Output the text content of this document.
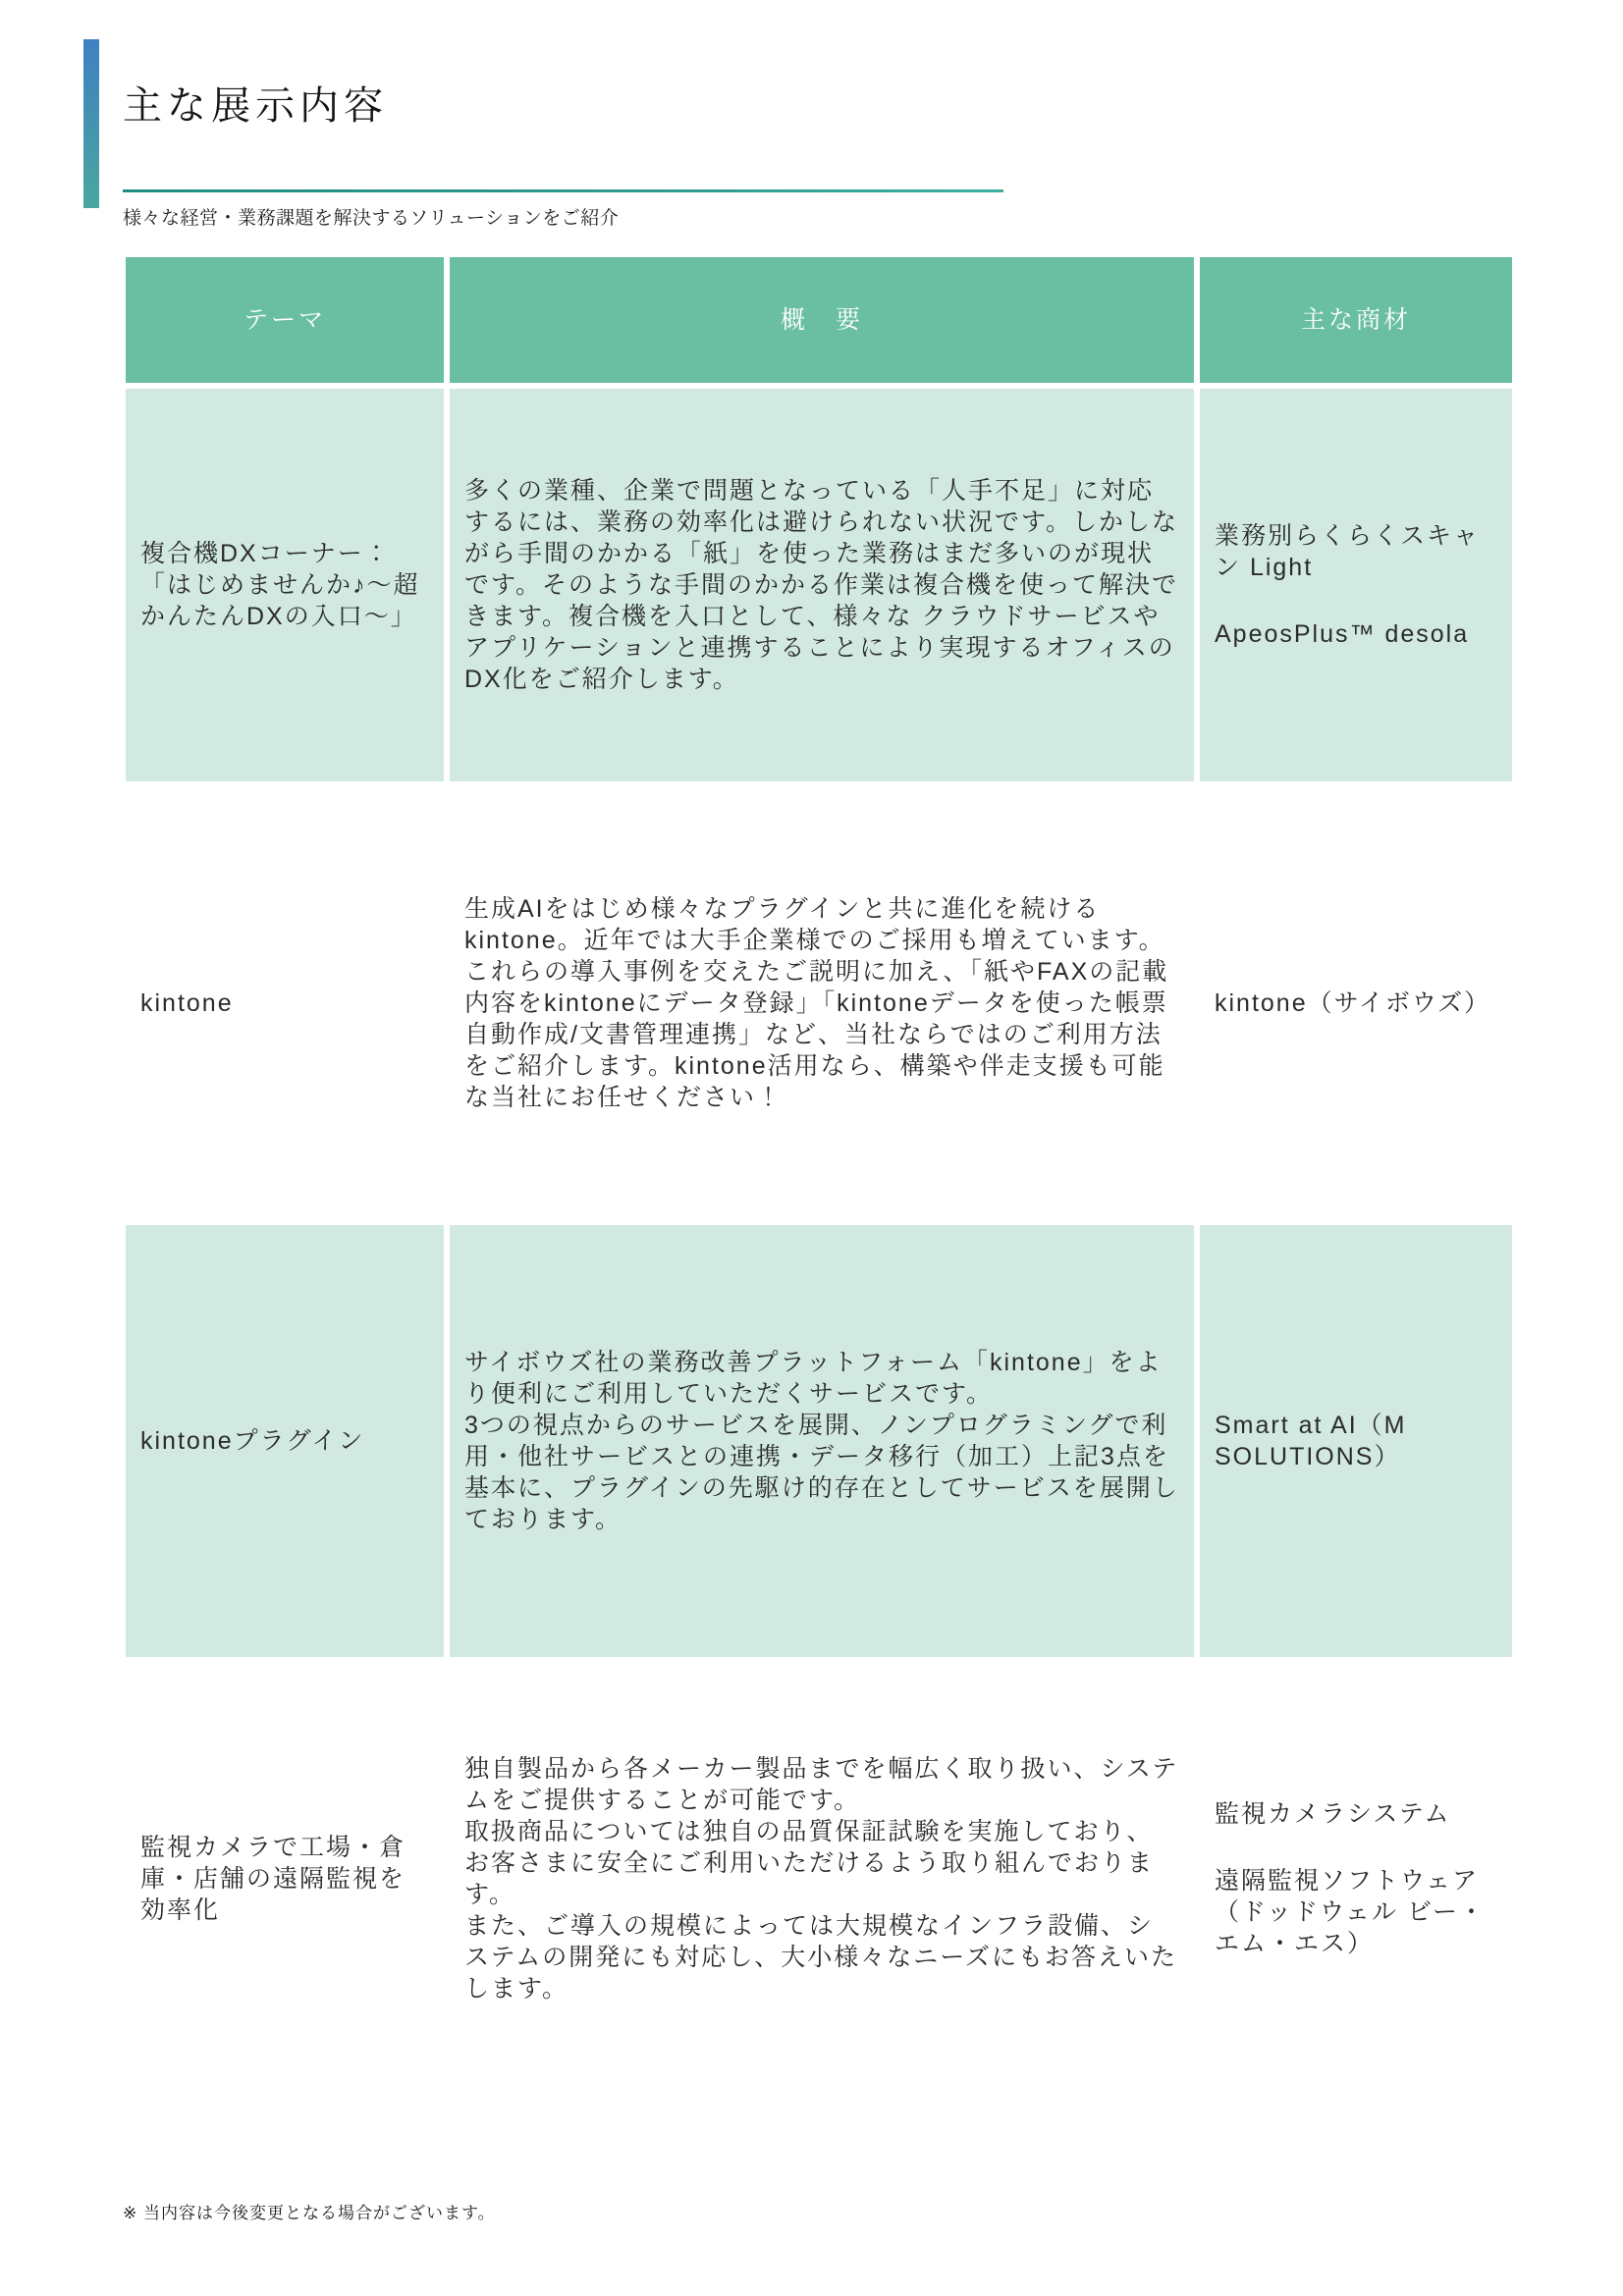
主な展示内容

様々な経営・業務課題を解決するソリューションをご紹介

テーマ	概　要	主な商材

複合機DXコーナー：

「はじめませんか♪〜超かんたんDXの入口〜」

多くの業種、企業で問題となっている「人手不足」に対応するには、業務の効率化は避けられない状況です。しかしながら手間のかかる「紙」を使った業務はまだ多いのが現状です。そのような手間のかかる作業は複合機を使って解決できます。複合機を入口として、様々な クラウドサービスやアプリケーションと連携することにより実現するオフィスのDX化をご紹介します。

業務別らくらくスキャン Light

ApeosPlus™ desola

kintone

生成AIをはじめ様々なプラグインと共に進化を続けるkintone。近年では大手企業様でのご採用も増えています。これらの導入事例を交えたご説明に加え、「紙やFAXの記載内容をkintoneにデータ登録」「kintoneデータを使った帳票自動作成/文書管理連携」など、当社ならではのご利用方法をご紹介します。kintone活用なら、構築や伴走支援も可能な当社にお任せください！

kintone（サイボウズ）

kintoneプラグイン

サイボウズ社の業務改善プラットフォーム「kintone」をより便利にご利用していただくサービスです。

3つの視点からのサービスを展開、ノンプログラミングで利用・他社サービスとの連携・データ移行（加工）上記3点を基本に、プラグインの先駆け的存在としてサービスを展開しております。

Smart at AI（M SOLUTIONS）

監視カメラで工場・倉庫・店舗の遠隔監視を効率化

独自製品から各メーカー製品までを幅広く取り扱い、システムをご提供することが可能です。

取扱商品については独自の品質保証試験を実施しており、お客さまに安全にご利用いただけるよう取り組んでおります。

また、ご導入の規模によっては大規模なインフラ設備、システムの開発にも対応し、大小様々なニーズにもお答えいたします。

監視カメラシステム

遠隔監視ソフトウェア（ドッドウェル ビー・エム・エス）

※ 当内容は今後変更となる場合がございます。
